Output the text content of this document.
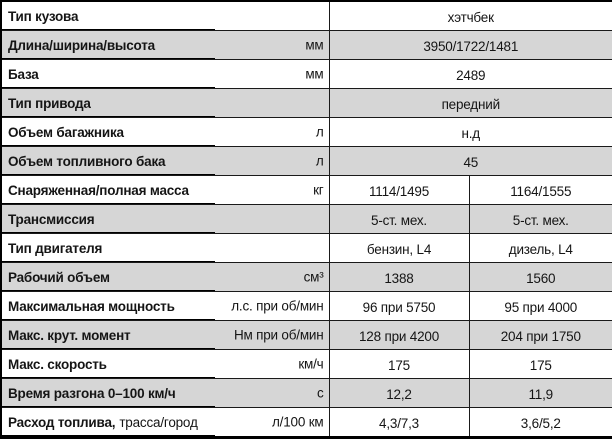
Тип кузова	хэтчбек	
Длина/ширина/высота мм	3950/1722/1481	
База мм	2489	
Тип привода	передний	
Объем багажника л	н.д	
Объем топливного бака л	45	
Снаряженная/полная масса кг	1114/1495	1164/1555
Трансмиссия	5-ст. мех.	5-ст. мех.
Тип двигателя	бензин, L4	дизель, L4
Рабочий объем см³	1388	1560
Максимальная мощность л.с. при об/мин	96 при 5750	95 при 4000
Макс. крут. момент Нм при об/мин	128 при 4200	204 при 1750
Макс. скорость км/ч	175	175
Время разгона 0–100 км/ч с	12,2	11,9
Расход топлива, трасса/город л/100 км	4,3/7,3	3,6/5,2
